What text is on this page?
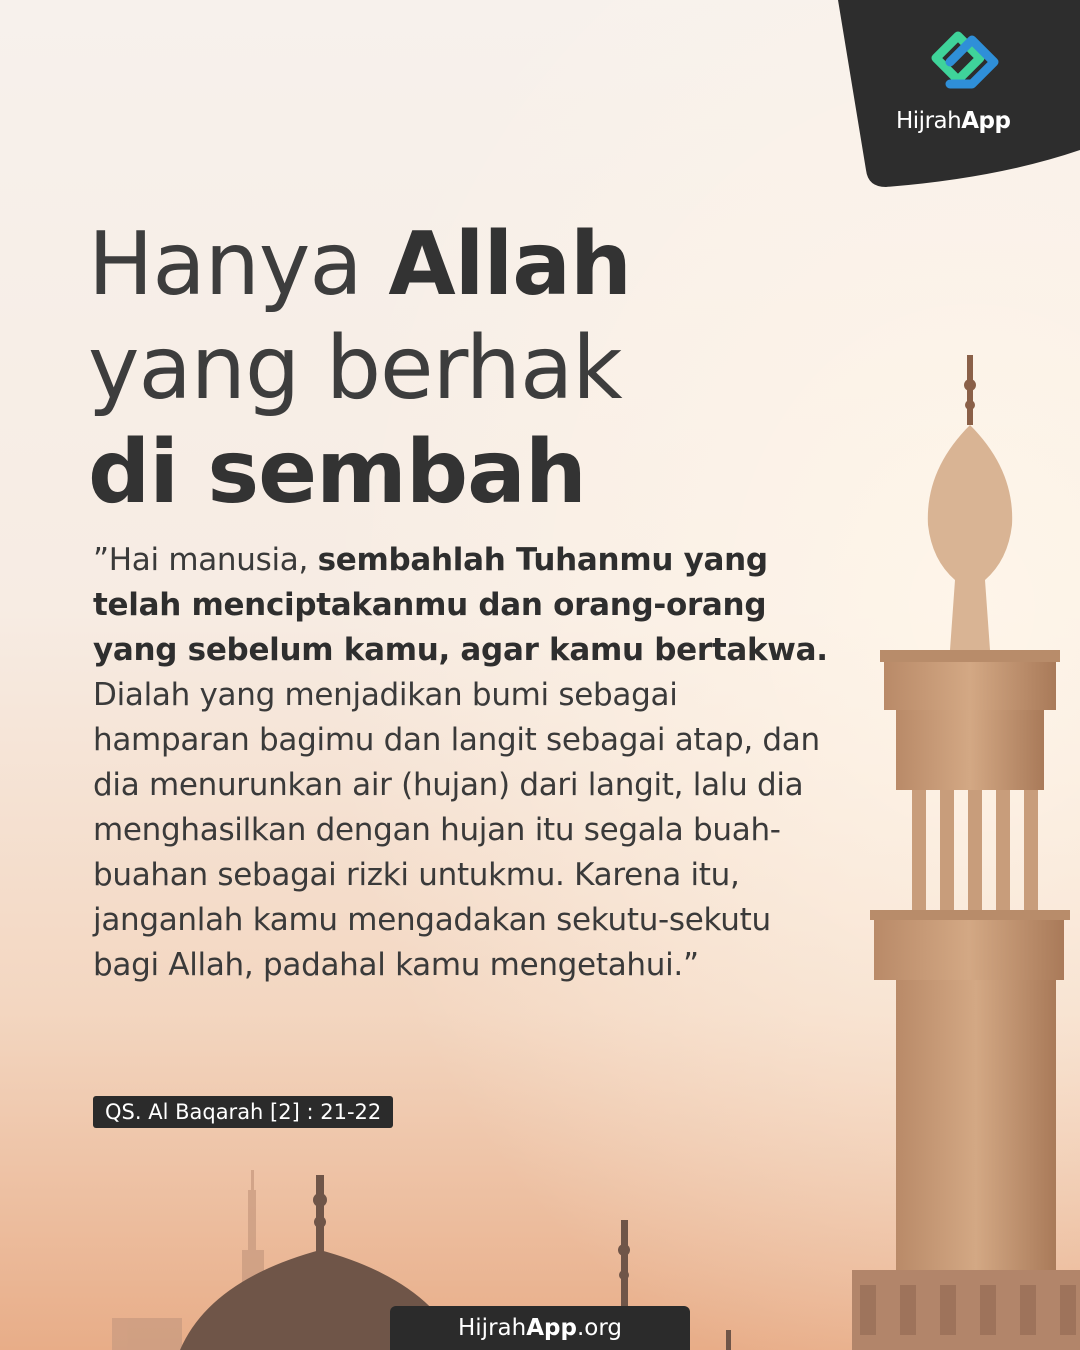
HijrahApp
Hanya Allah
yang berhak
di sembah
”Hai manusia, sembahlah Tuhanmu yang telah menciptakanmu dan orang-orang yang sebelum kamu, agar kamu bertakwa. Dialah yang menjadikan bumi sebagai hamparan bagimu dan langit sebagai atap, dan dia menurunkan air (hujan) dari langit, lalu dia menghasilkan dengan hujan itu segala buah-buahan sebagai rizki untukmu. Karena itu, janganlah kamu mengadakan sekutu-sekutu bagi Allah, padahal kamu mengetahui.”
QS. Al Baqarah [2] : 21-22
HijrahApp.org
